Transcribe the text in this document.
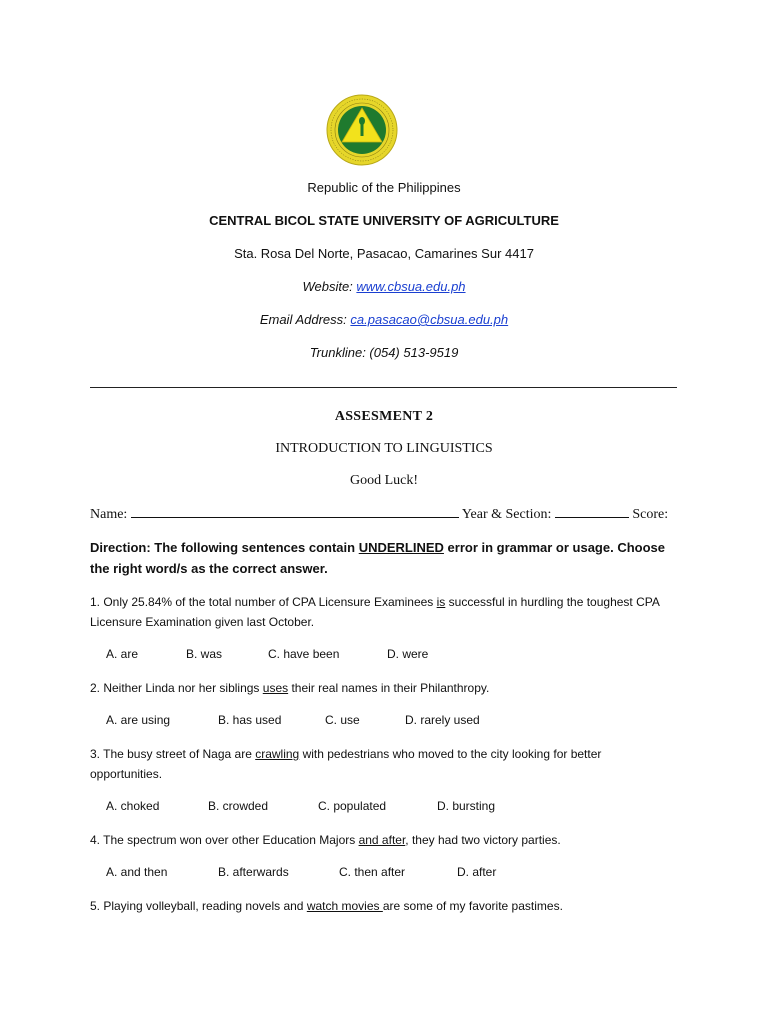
Republic of the Philippines
CENTRAL BICOL STATE UNIVERSITY OF AGRICULTURE
Sta. Rosa Del Norte, Pasacao, Camarines Sur 4417
Website: www.cbsua.edu.ph
Email Address: ca.pasacao@cbsua.edu.ph
Trunkline: (054) 513-9519
ASSESMENT 2
INTRODUCTION TO LINGUISTICS
Good Luck!
Name:	Year & Section:	Score:
Direction: The following sentences contain UNDERLINED error in grammar or usage. Choose the right word/s as the correct answer.
1. Only 25.84% of the total number of CPA Licensure Examinees is successful in hurdling the toughest CPA Licensure Examination given last October.
A. are	B. was	C. have been	D. were
2. Neither Linda nor her siblings uses their real names in their Philanthropy.
A. are using	B. has used	C. use	D. rarely used
3. The busy street of Naga are crawling with pedestrians who moved to the city looking for better opportunities.
A. choked	B. crowded	C. populated	D. bursting
4. The spectrum won over other Education Majors and after, they had two victory parties.
A. and then	B. afterwards	C. then after	D. after
5. Playing volleyball, reading novels and watch movies are some of my favorite pastimes.
